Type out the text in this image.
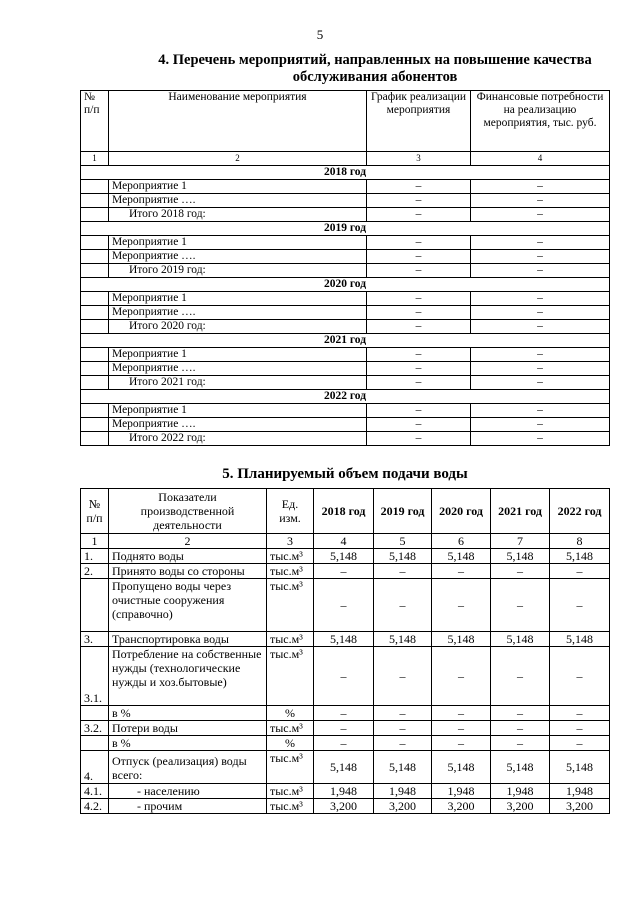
5
4. Перечень мероприятий, направленных на повышение качества обслуживания абонентов
№ п/п	Наименование мероприятия	График реализации мероприятия	Финансовые потребности на реализацию мероприятия, тыс. руб.
1	2	3	4
2018 год			
	Мероприятие 1	–	–
	Мероприятие ….	–	–
	Итого 2018 год:	–	–
2019 год			
	Мероприятие 1	–	–
	Мероприятие ….	–	–
	Итого 2019 год:	–	–
2020 год			
	Мероприятие 1	–	–
	Мероприятие ….	–	–
	Итого 2020 год:	–	–
2021 год			
	Мероприятие 1	–	–
	Мероприятие ….	–	–
	Итого 2021 год:	–	–
2022 год			
	Мероприятие 1	–	–
	Мероприятие ….	–	–
	Итого 2022 год:	–	–
5. Планируемый объем подачи воды
№ п/п	Показатели производственной деятельности	Ед. изм.	2018 год	2019 год	2020 год	2021 год	2022 год
1	2	3	4	5	6	7	8
1.	Поднято воды	тыс.м³	5,148	5,148	5,148	5,148	5,148
2.	Принято воды со стороны	тыс.м³	–	–	–	–	–
	Пропущено воды через очистные сооружения (справочно)	тыс.м³	–	–	–	–	–
3.	Транспортировка воды	тыс.м³	5,148	5,148	5,148	5,148	5,148
3.1.	Потребление на собственные нужды (технологические нужды и хоз.бытовые)	тыс.м³	–	–	–	–	–
	в %	%	–	–	–	–	–
3.2.	Потери воды	тыс.м³	–	–	–	–	–
	в %	%	–	–	–	–	–
4.	Отпуск (реализация) воды всего:	тыс.м³	5,148	5,148	5,148	5,148	5,148
4.1.	- населению	тыс.м³	1,948	1,948	1,948	1,948	1,948
4.2.	- прочим	тыс.м³	3,200	3,200	3,200	3,200	3,200
